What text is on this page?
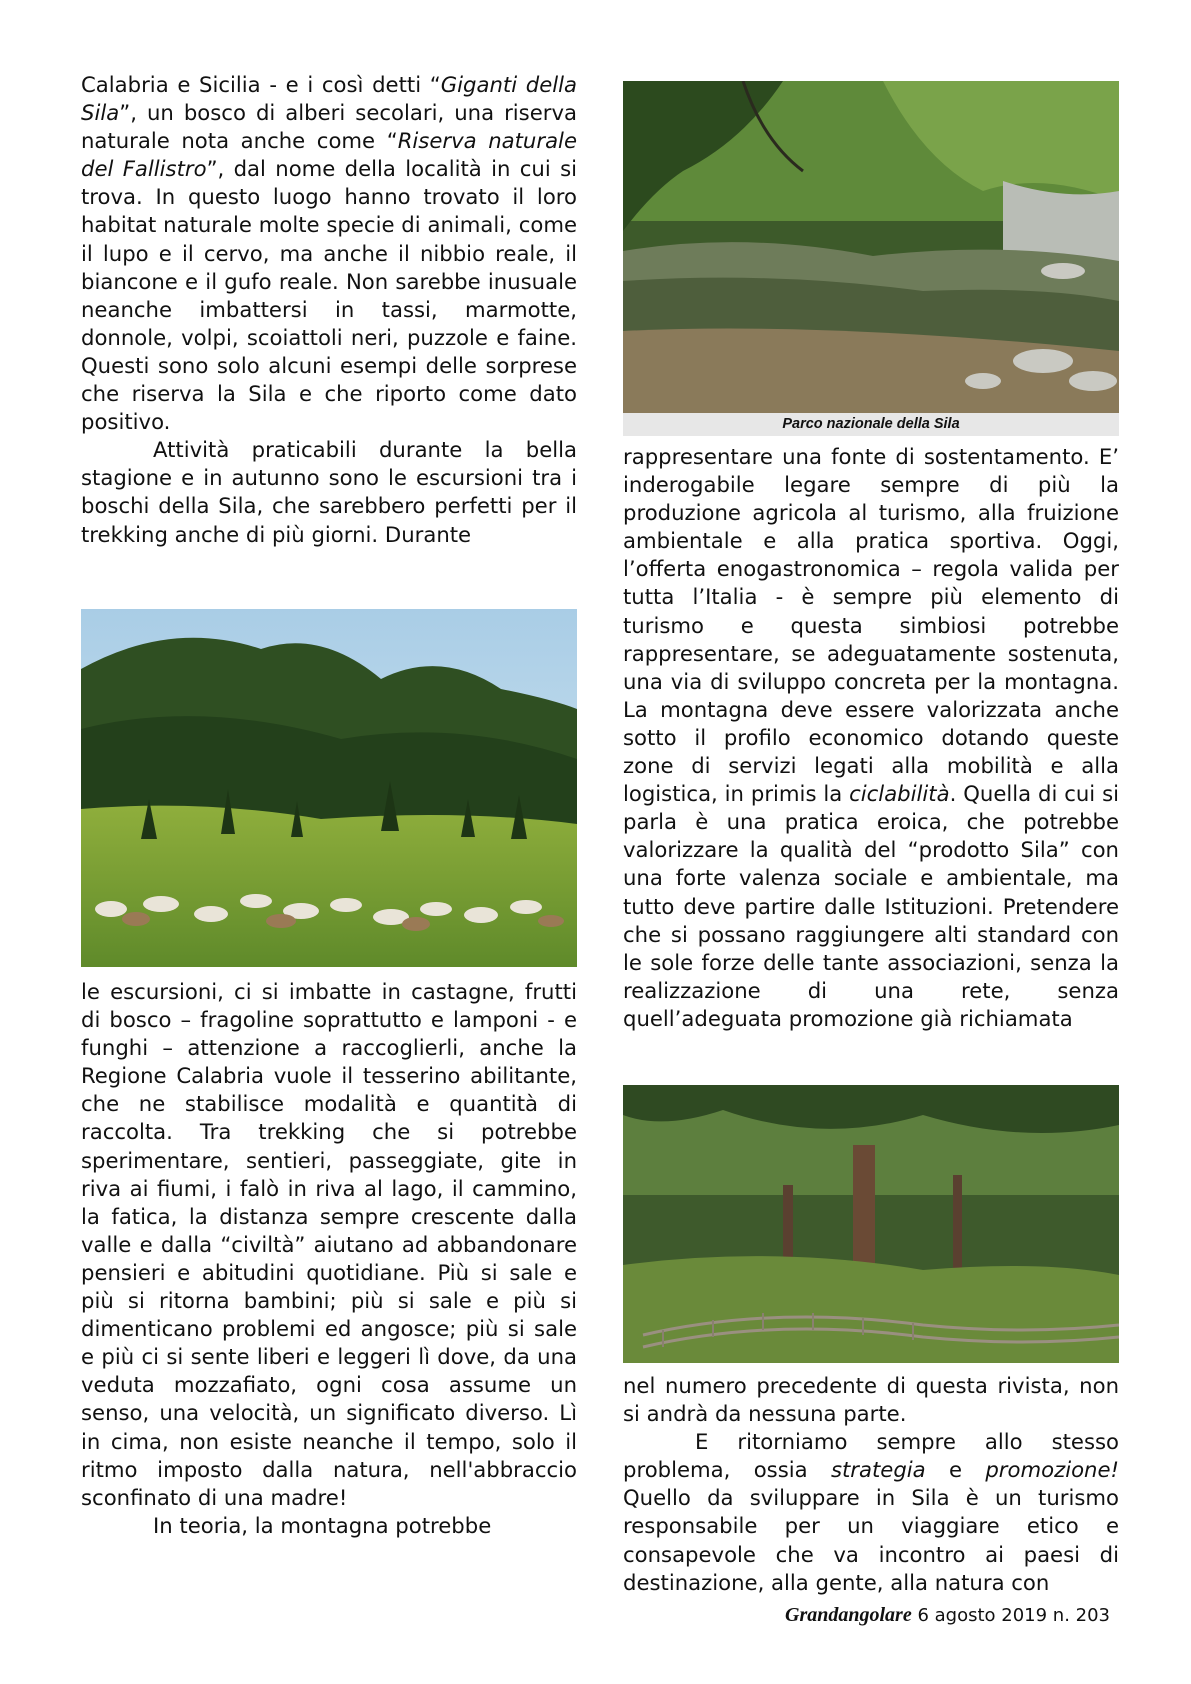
Calabria e Sicilia - e i così detti “Giganti della Sila”, un bosco di alberi secolari, una riserva naturale nota anche come “Riserva naturale del Fallistro”, dal nome della località in cui si trova. In questo luogo hanno trovato il loro habitat naturale molte specie di animali, come il lupo e il cervo, ma anche il nibbio reale, il biancone e il gufo reale. Non sarebbe inusuale neanche imbattersi in tassi, marmotte, donnole, volpi, scoiattoli neri, puzzole e faine. Questi sono solo alcuni esempi delle sorprese che riserva la Sila e che riporto come dato positivo.

Attività praticabili durante la bella stagione e in autunno sono le escursioni tra i boschi della Sila, che sarebbero perfetti per il trekking anche di più giorni. Durante

le escursioni, ci si imbatte in castagne, frutti di bosco – fragoline soprattutto e lamponi - e funghi – attenzione a raccoglierli, anche la Regione Calabria vuole il tesserino abilitante, che ne stabilisce modalità e quantità di raccolta. Tra trekking che si potrebbe sperimentare, sentieri, passeggiate, gite in riva ai fiumi, i falò in riva al lago, il cammino, la fatica, la distanza sempre crescente dalla valle e dalla “civiltà” aiutano ad abbandonare pensieri e abitudini quotidiane. Più si sale e più si ritorna bambini; più si sale e più si dimenticano problemi ed angosce; più si sale e più ci si sente liberi e leggeri lì dove, da una veduta mozzafiato, ogni cosa assume un senso, una velocità, un significato diverso. Lì in cima, non esiste neanche il tempo, solo il ritmo imposto dalla natura, nell'abbraccio sconfinato di una madre!

In teoria, la montagna potrebbe

Parco nazionale della Sila

rappresentare una fonte di sostentamento. E’ inderogabile legare sempre di più la produzione agricola al turismo, alla fruizione ambientale e alla pratica sportiva. Oggi, l’offerta enogastronomica – regola valida per tutta l’Italia - è sempre più elemento di turismo e questa simbiosi potrebbe rappresentare, se adeguatamente sostenuta, una via di sviluppo concreta per la montagna. La montagna deve essere valorizzata anche sotto il profilo economico dotando queste zone di servizi legati alla mobilità e alla logistica, in primis la ciclabilità. Quella di cui si parla è una pratica eroica, che potrebbe valorizzare la qualità del “prodotto Sila” con una forte valenza sociale e ambientale, ma tutto deve partire dalle Istituzioni. Pretendere che si possano raggiungere alti standard con le sole forze delle tante associazioni, senza la realizzazione di una rete, senza quell’adeguata promozione già richiamata

nel numero precedente di questa rivista, non si andrà da nessuna parte.

E ritorniamo sempre allo stesso problema, ossia strategia e promozione! Quello da sviluppare in Sila è un turismo responsabile per un viaggiare etico e consapevole che va incontro ai paesi di destinazione, alla gente, alla natura con

Grandangolare 6 agosto 2019 n. 203
